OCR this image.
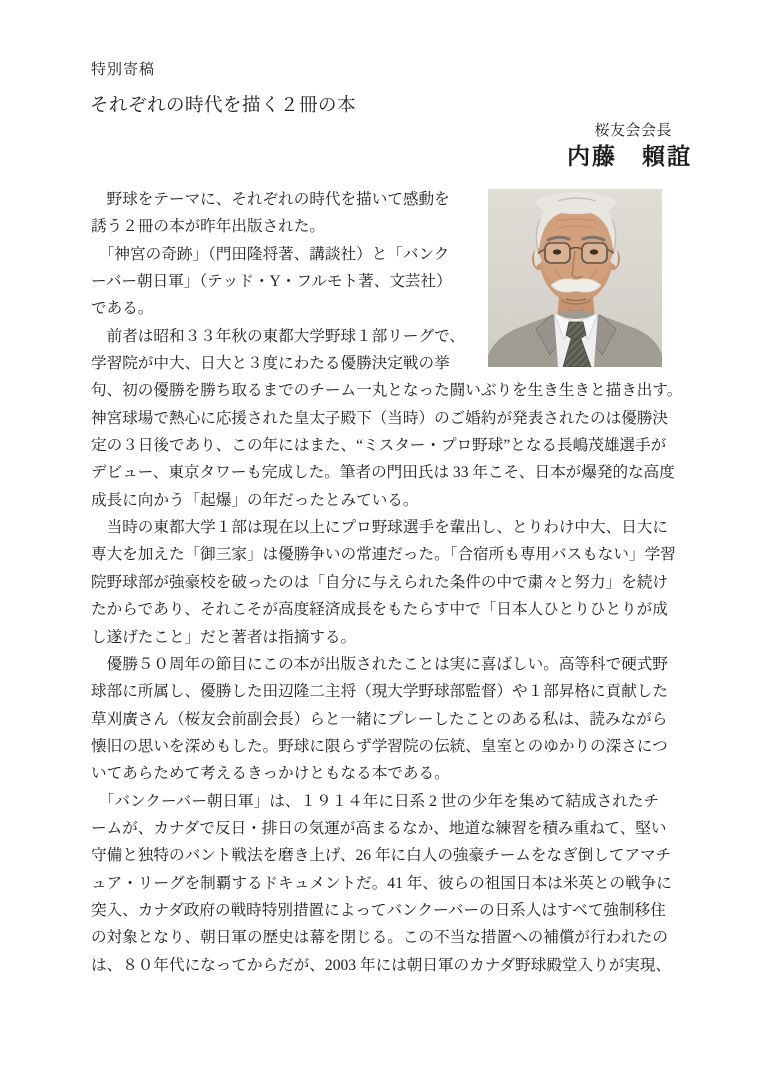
特別寄稿
それぞれの時代を描く２冊の本
桜友会会長
内藤　賴誼
　野球をテーマに、それぞれの時代を描いて感動を
誘う２冊の本が昨年出版された。
　「神宮の奇跡」（門田隆将著、講談社）と「バンク
ーバー朝日軍」（テッド・Y・フルモト著、文芸社）
である。
　前者は昭和３３年秋の東都大学野球１部リーグで、
学習院が中大、日大と３度にわたる優勝決定戦の挙
句、初の優勝を勝ち取るまでのチーム一丸となった闘いぶりを生き生きと描き出す。
神宮球場で熱心に応援された皇太子殿下（当時）のご婚約が発表されたのは優勝決
定の３日後であり、この年にはまた、“ミスター・プロ野球”となる長嶋茂雄選手が
デビュー、東京タワーも完成した。筆者の門田氏は 33 年こそ、日本が爆発的な高度
成長に向かう「起爆」の年だったとみている。
　当時の東都大学１部は現在以上にプロ野球選手を輩出し、とりわけ中大、日大に
専大を加えた「御三家」は優勝争いの常連だった。「合宿所も専用バスもない」学習
院野球部が強豪校を破ったのは「自分に与えられた条件の中で粛々と努力」を続け
たからであり、それこそが高度経済成長をもたらす中で「日本人ひとりひとりが成
し遂げたこと」だと著者は指摘する。
　優勝５０周年の節目にこの本が出版されたことは実に喜ばしい。高等科で硬式野
球部に所属し、優勝した田辺隆二主将（現大学野球部監督）や１部昇格に貢献した
草刈廣さん（桜友会前副会長）らと一緒にプレーしたことのある私は、読みながら
懐旧の思いを深めもした。野球に限らず学習院の伝統、皇室とのゆかりの深さにつ
いてあらためて考えるきっかけともなる本である。
　「バンクーバー朝日軍」は、１９１４年に日系 2 世の少年を集めて結成されたチ
ームが、カナダで反日・排日の気運が高まるなか、地道な練習を積み重ねて、堅い
守備と独特のバント戦法を磨き上げ、26 年に白人の強豪チームをなぎ倒してアマチ
ュア・リーグを制覇するドキュメントだ。41 年、彼らの祖国日本は米英との戦争に
突入、カナダ政府の戦時特別措置によってバンクーバーの日系人はすべて強制移住
の対象となり、朝日軍の歴史は幕を閉じる。この不当な措置への補償が行われたの
は、８０年代になってからだが、2003 年には朝日軍のカナダ野球殿堂入りが実現、
